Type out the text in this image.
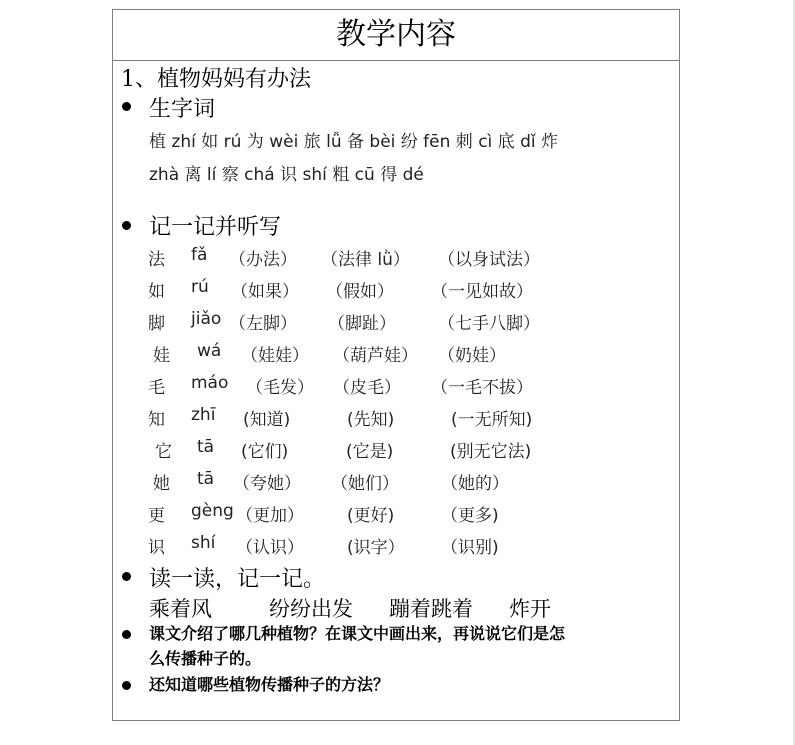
教学内容
1、植物妈妈有办法
生字词
植 zhí 如 rú 为 wèi 旅 lǚ 备 bèi 纷 fēn 刺 cì 底 dǐ 炸
zhà 离 lí 察 chá 识 shí 粗 cū 得 dé
记一记并听写
法 fǎ （办法） （法律 lǜ） （以身试法）
如 rú （如果） （假如） （一见如故）
脚 jiǎo （左脚） （脚趾） （七手八脚）
娃 wá （娃娃） （葫芦娃） （奶娃）
毛 máo （毛发） （皮毛） （一毛不拔）
知 zhī (知道)	(先知)	(一无所知)
它 tā (它们)	(它是)	(别无它法)
她 tā （夸她） （她们） （她的）
更 gèng （更加）	(更好)	（更多)
识 shí （认识）	(识字） （识别)
读一读，记一记。
乘着风	纷纷出发 蹦着跳着 炸开
课文介绍了哪几种植物？在课文中画出来，再说说它们是怎
么传播种子的。
还知道哪些植物传播种子的方法？
